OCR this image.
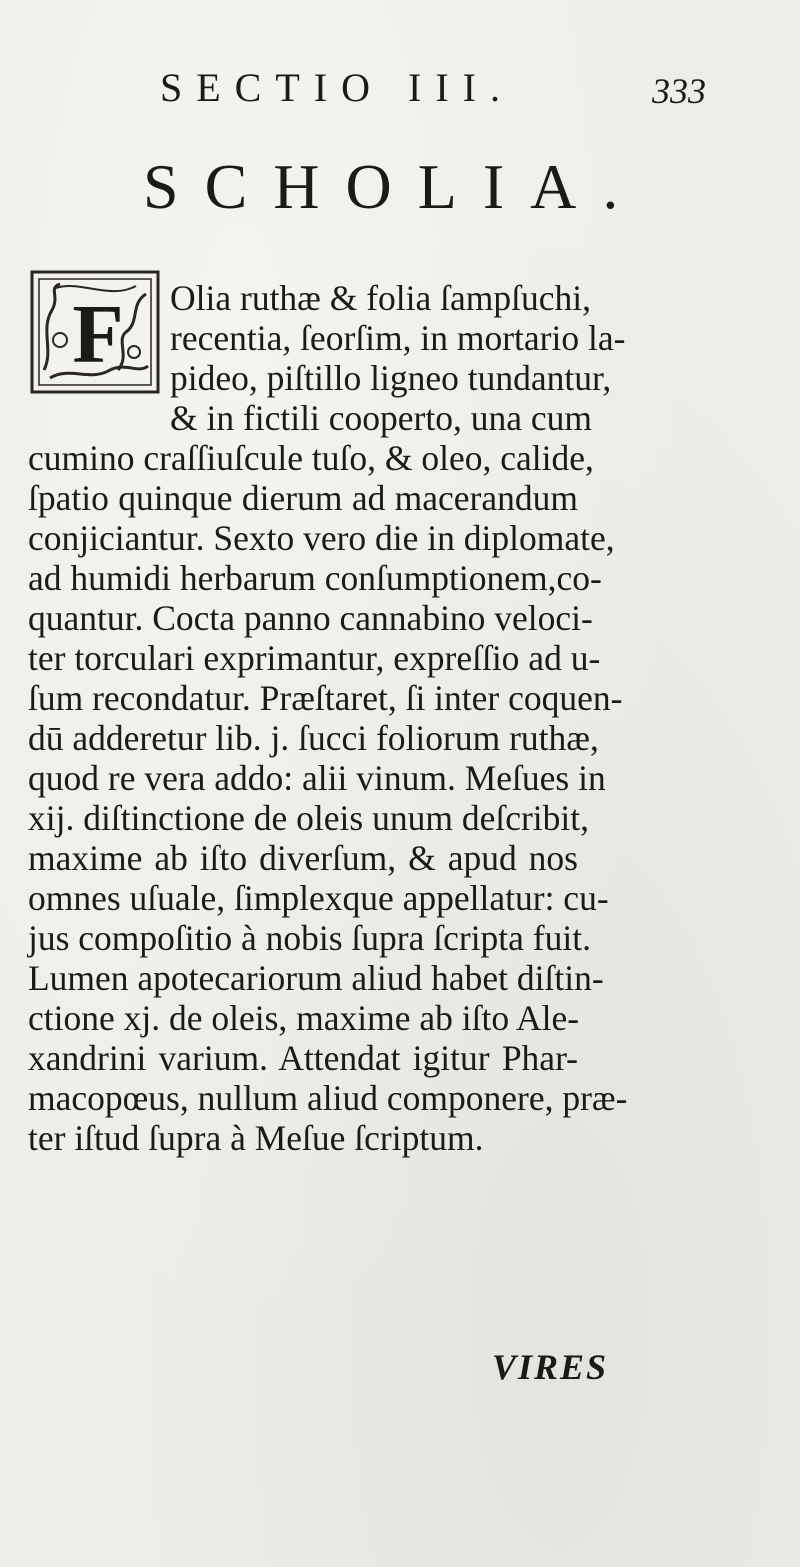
SECTIO III.	333
SCHOLIA.
F Olia ruthæ & folia ſampſuchi,
recentia, ſeorſim, in mortario la-
pideo, piſtillo ligneo tundantur,
& in fictili cooperto, una cum
cumino craſſiuſcule tuſo, & oleo, calide,
ſpatio quinque dierum ad macerandum
conjiciantur. Sexto vero die in diplomate,
ad humidi herbarum conſumptionem,co-
quantur. Cocta panno cannabino veloci-
ter torculari exprimantur, expreſſio ad u-
ſum recondatur. Præſtaret, ſi inter coquen-
dū adderetur lib. j. ſucci foliorum ruthæ,
quod re vera addo: alii vinum. Meſues in
xij. diſtinctione de oleis unum deſcribit,
maxime ab iſto diverſum, & apud nos
omnes uſuale, ſimplexque appellatur: cu-
jus compoſitio à nobis ſupra ſcripta fuit.
Lumen apotecariorum aliud habet diſtin-
ctione xj. de oleis, maxime ab iſto Ale-
xandrini varium. Attendat igitur Phar-
macopœus, nullum aliud componere, præ-
ter iſtud ſupra à Meſue ſcriptum.
VIRES
